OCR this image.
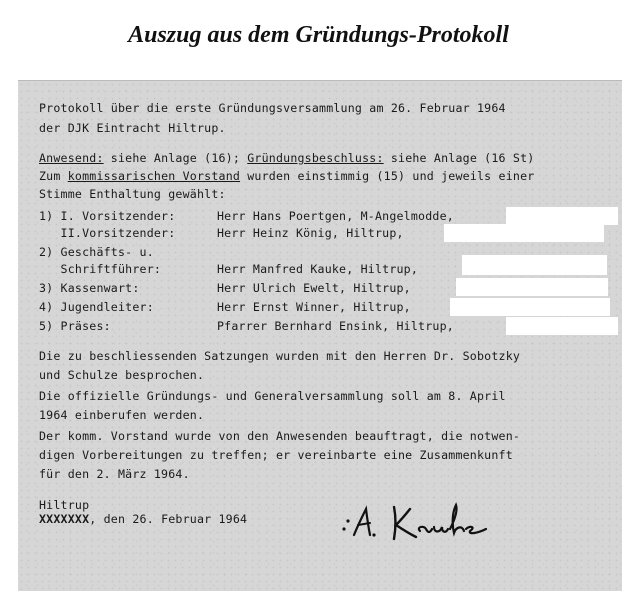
Auszug aus dem Gründungs-Protokoll
Protokoll über die erste Gründungsversammlung am 26. Februar 1964
der DJK Eintracht Hiltrup.
Anwesend: siehe Anlage (16); Gründungsbeschluss: siehe Anlage (16 St)
Zum kommissarischen Vorstand wurden einstimmig (15) und jeweils einer
Stimme Enthaltung gewählt:
1) I. Vorsitzender:	Herr Hans Poertgen, M-Angelmodde,
II.Vorsitzender:	Herr Heinz König, Hiltrup,
2) Geschäfts- u.
Schriftführer:	Herr Manfred Kauke, Hiltrup,
3) Kassenwart:	Herr Ulrich Ewelt, Hiltrup,
4) Jugendleiter:	Herr Ernst Winner, Hiltrup,
5) Präses:	Pfarrer Bernhard Ensink, Hiltrup,
Die zu beschliessenden Satzungen wurden mit den Herren Dr. Sobotzky
und Schulze besprochen.
Die offizielle Gründungs- und Generalversammlung soll am 8. April
1964 einberufen werden.
Der komm. Vorstand wurde von den Anwesenden beauftragt, die notwen-
digen Vorbereitungen zu treffen; er vereinbarte eine Zusammenkunft
für den 2. März 1964.
Hiltrup
XXXXXXX, den 26. Februar 1964
